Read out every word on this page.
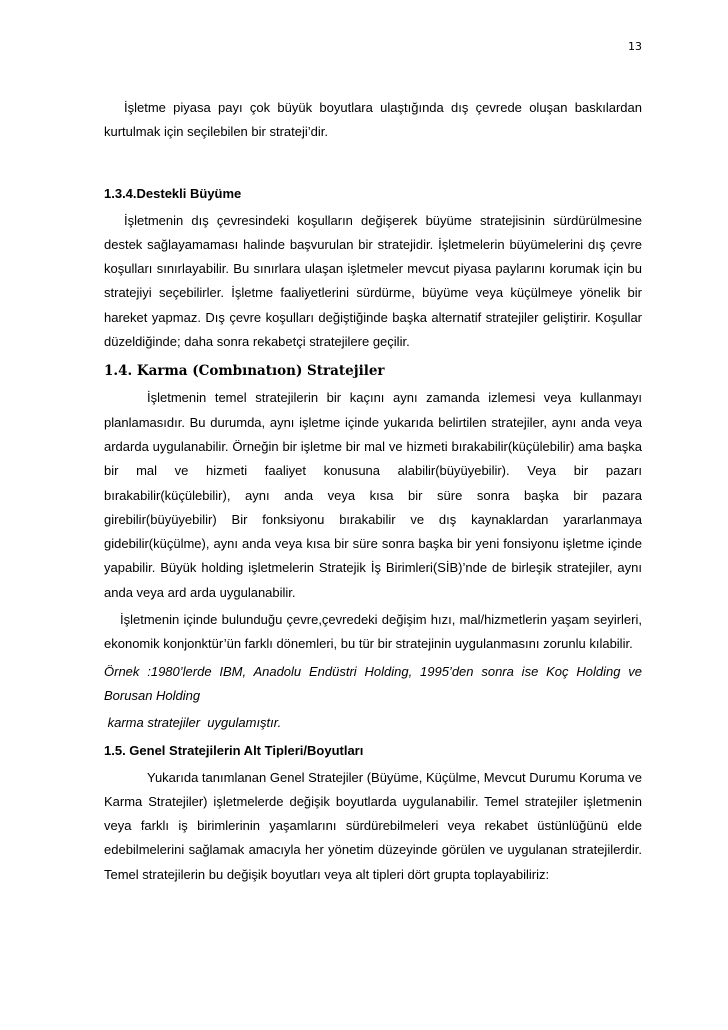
13

İşletme piyasa payı çok büyük boyutlara ulaştığında dış çevrede oluşan baskılardan kurtulmak için seçilebilen bir strateji’dir.

1.3.4.Destekli Büyüme

İşletmenin dış çevresindeki koşulların değişerek büyüme stratejisinin sürdürülmesine destek sağlayamaması halinde başvurulan bir stratejidir. İşletmelerin büyümelerini dış çevre koşulları sınırlayabilir. Bu sınırlara ulaşan işletmeler mevcut piyasa paylarını korumak için bu stratejiyi seçebilirler. İşletme faaliyetlerini sürdürme, büyüme veya küçülmeye yönelik bir hareket yapmaz. Dış çevre koşulları değiştiğinde başka alternatif stratejiler geliştirir. Koşullar düzeldiğinde; daha sonra rekabetçi stratejilere geçilir.

1.4. Karma (Combınatıon) Stratejiler

İşletmenin temel stratejilerin bir kaçını aynı zamanda izlemesi veya kullanmayı planlamasıdır. Bu durumda, aynı işletme içinde yukarıda belirtilen stratejiler, aynı anda veya ardarda uygulanabilir. Örneğin bir işletme bir mal ve hizmeti bırakabilir(küçülebilir) ama başka bir mal ve hizmeti faaliyet konusuna alabilir(büyüyebilir). Veya bir pazarı bırakabilir(küçülebilir), aynı anda veya kısa bir süre sonra başka bir pazara girebilir(büyüyebilir) Bir fonksiyonu bırakabilir ve dış kaynaklardan yararlanmaya gidebilir(küçülme), aynı anda veya kısa bir süre sonra başka bir yeni fonsiyonu işletme içinde yapabilir. Büyük holding işletmelerin Stratejik İş Birimleri(SİB)’nde de birleşik stratejiler, aynı anda veya ard arda uygulanabilir.

İşletmenin içinde bulunduğu çevre,çevredeki değişim hızı, mal/hizmetlerin yaşam seyirleri, ekonomik konjonktür’ün farklı dönemleri, bu tür bir stratejinin uygulanmasını zorunlu kılabilir.

Örnek :1980’lerde IBM, Anadolu Endüstri Holding, 1995’den sonra ise Koç Holding ve Borusan Holding

karma stratejiler  uygulamıştır.

1.5. Genel Stratejilerin Alt Tipleri/Boyutları

Yukarıda tanımlanan Genel Stratejiler (Büyüme, Küçülme, Mevcut Durumu Koruma ve Karma Stratejiler) işletmelerde değişik boyutlarda uygulanabilir. Temel stratejiler işletmenin veya farklı iş birimlerinin yaşamlarını sürdürebilmeleri veya rekabet üstünlüğünü elde edebilmelerini sağlamak amacıyla her yönetim düzeyinde görülen ve uygulanan stratejilerdir. Temel stratejilerin bu değişik boyutları veya alt tipleri dört grupta toplayabiliriz:
